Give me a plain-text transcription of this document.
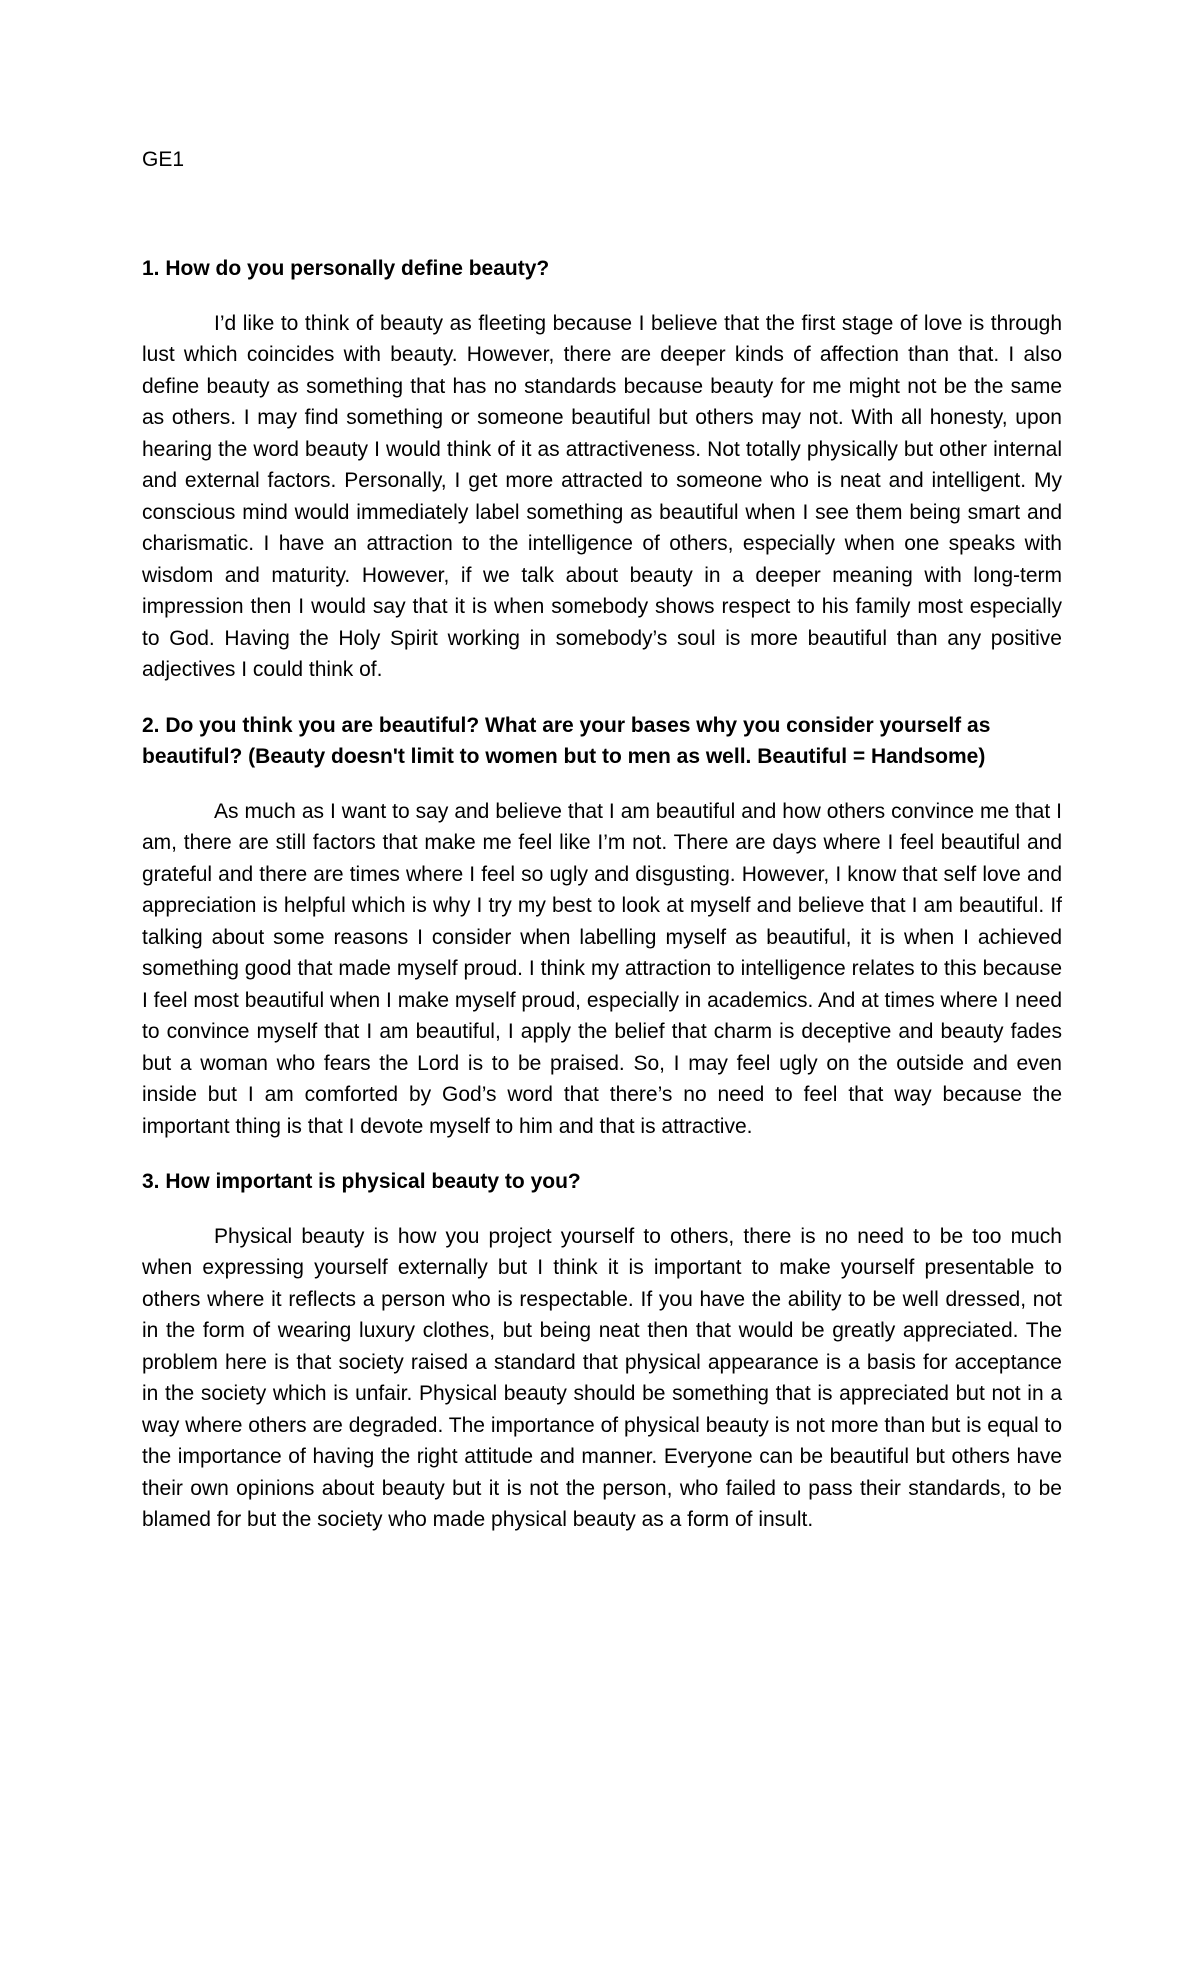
GE1

1. How do you personally define beauty?

I’d like to think of beauty as fleeting because I believe that the first stage of love is through lust which coincides with beauty. However, there are deeper kinds of affection than that. I also define beauty as something that has no standards because beauty for me might not be the same as others. I may find something or someone beautiful but others may not. With all honesty, upon hearing the word beauty I would think of it as attractiveness. Not totally physically but other internal and external factors. Personally, I get more attracted to someone who is neat and intelligent. My conscious mind would immediately label something as beautiful when I see them being smart and charismatic. I have an attraction to the intelligence of others, especially when one speaks with wisdom and maturity. However, if we talk about beauty in a deeper meaning with long-term impression then I would say that it is when somebody shows respect to his family most especially to God. Having the Holy Spirit working in somebody’s soul is more beautiful than any positive adjectives I could think of.

2. Do you think you are beautiful? What are your bases why you consider yourself as beautiful? (Beauty doesn't limit to women but to men as well. Beautiful = Handsome)

As much as I want to say and believe that I am beautiful and how others convince me that I am, there are still factors that make me feel like I’m not. There are days where I feel beautiful and grateful and there are times where I feel so ugly and disgusting. However, I know that self love and appreciation is helpful which is why I try my best to look at myself and believe that I am beautiful. If talking about some reasons I consider when labelling myself as beautiful, it is when I achieved something good that made myself proud. I think my attraction to intelligence relates to this because I feel most beautiful when I make myself proud, especially in academics. And at times where I need to convince myself that I am beautiful, I apply the belief that charm is deceptive and beauty fades but a woman who fears the Lord is to be praised. So, I may feel ugly on the outside and even inside but I am comforted by God’s word that there’s no need to feel that way because the important thing is that I devote myself to him and that is attractive.

3. How important is physical beauty to you?

Physical beauty is how you project yourself to others, there is no need to be too much when expressing yourself externally but I think it is important to make yourself presentable to others where it reflects a person who is respectable. If you have the ability to be well dressed, not in the form of wearing luxury clothes, but being neat then that would be greatly appreciated. The problem here is that society raised a standard that physical appearance is a basis for acceptance in the society which is unfair. Physical beauty should be something that is appreciated but not in a way where others are degraded. The importance of physical beauty is not more than but is equal to the importance of having the right attitude and manner. Everyone can be beautiful but others have their own opinions about beauty but it is not the person, who failed to pass their standards, to be blamed for but the society who made physical beauty as a form of insult.
